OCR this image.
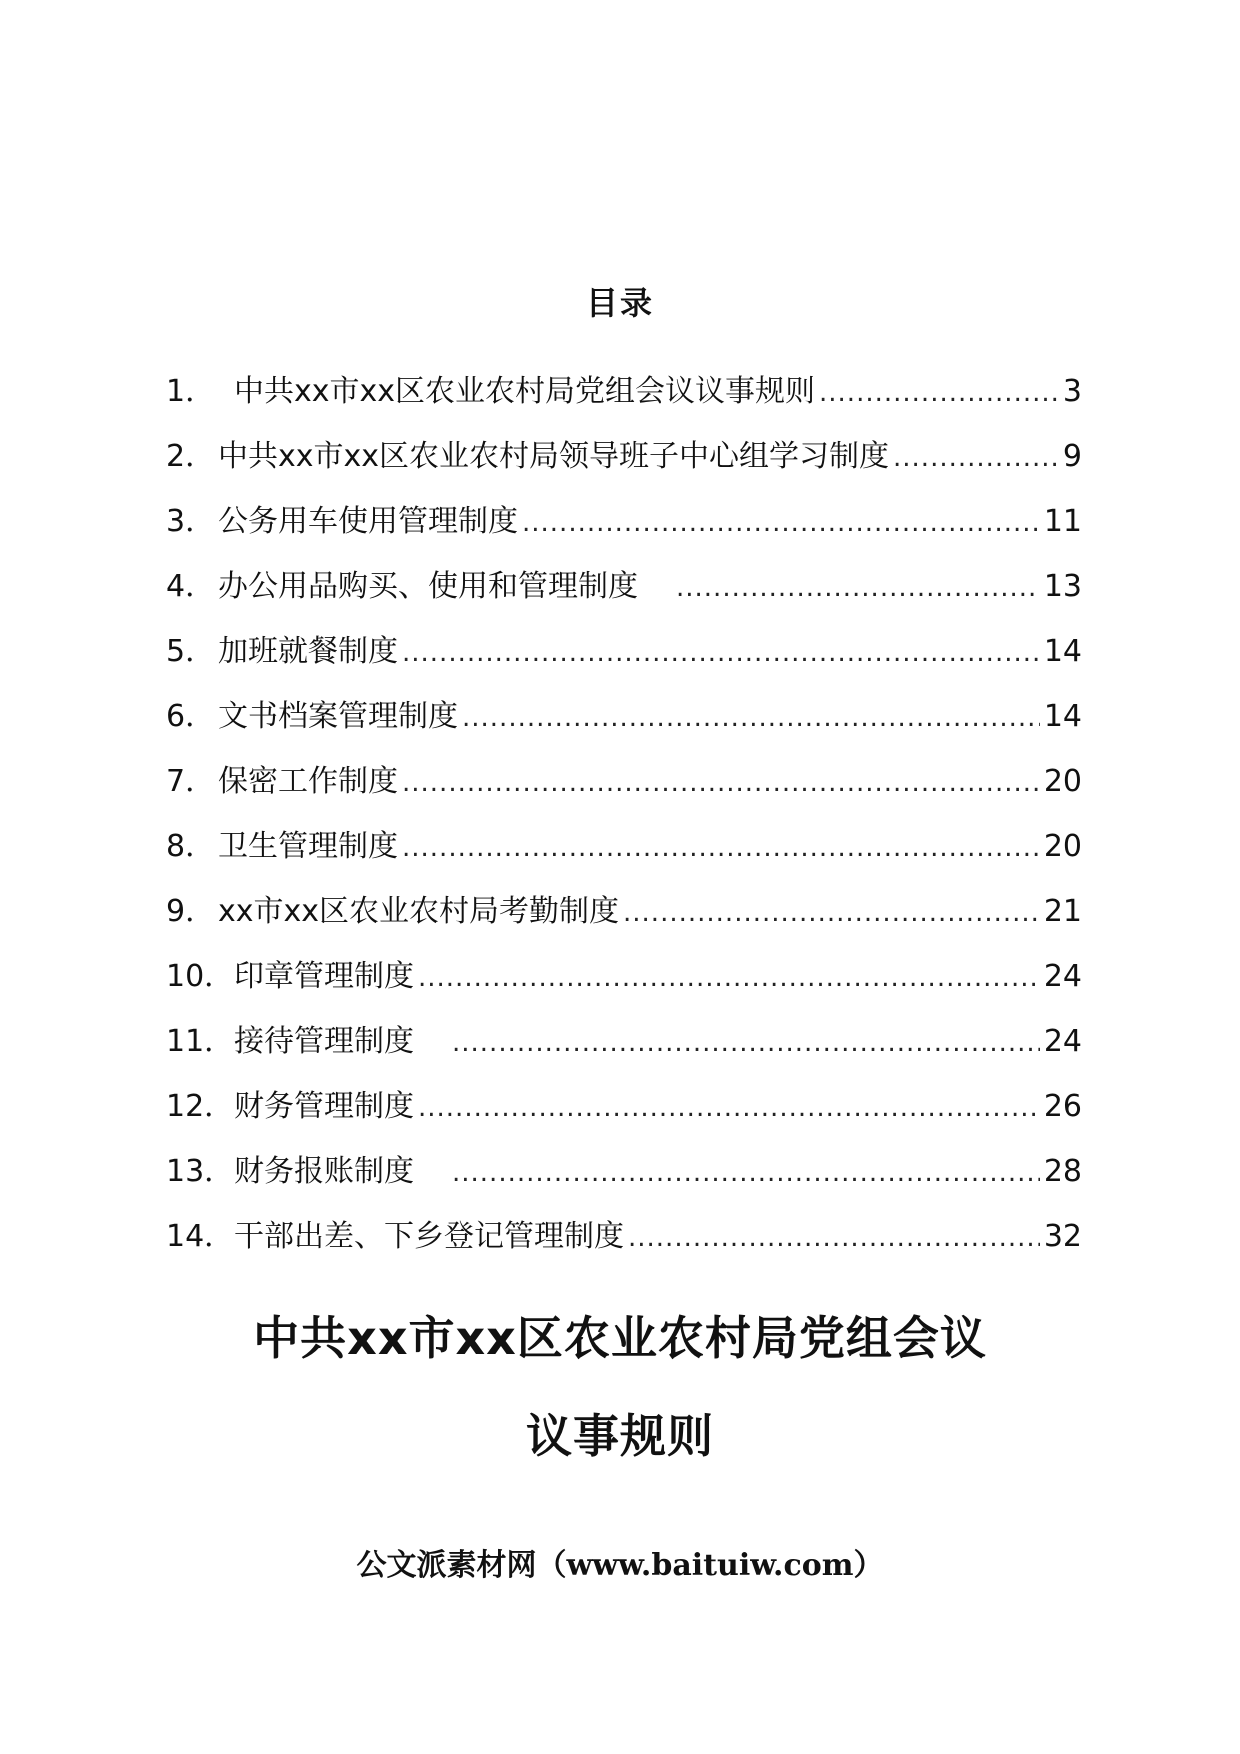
目录
1． 中共xx市xx区农业农村局党组会议议事规则 .....	3
2． 中共xx市xx区农业农村局领导班子中心组学习制度 .....	9
3． 公务用车使用管理制度 .....	11
4． 办公用品购买、使用和管理制度 .....	13
5． 加班就餐制度 .....	14
6． 文书档案管理制度 .....	14
7． 保密工作制度 .....	20
8． 卫生管理制度 .....	20
9． xx市xx区农业农村局考勤制度 .....	21
10． 印章管理制度 .....	24
11． 接待管理制度 .....	24
12． 财务管理制度 .....	26
13． 财务报账制度 .....	28
14． 干部出差、下乡登记管理制度 .....	32
中共xx市xx区农业农村局党组会议
议事规则
公文派素材网（www.baituiw.com）
